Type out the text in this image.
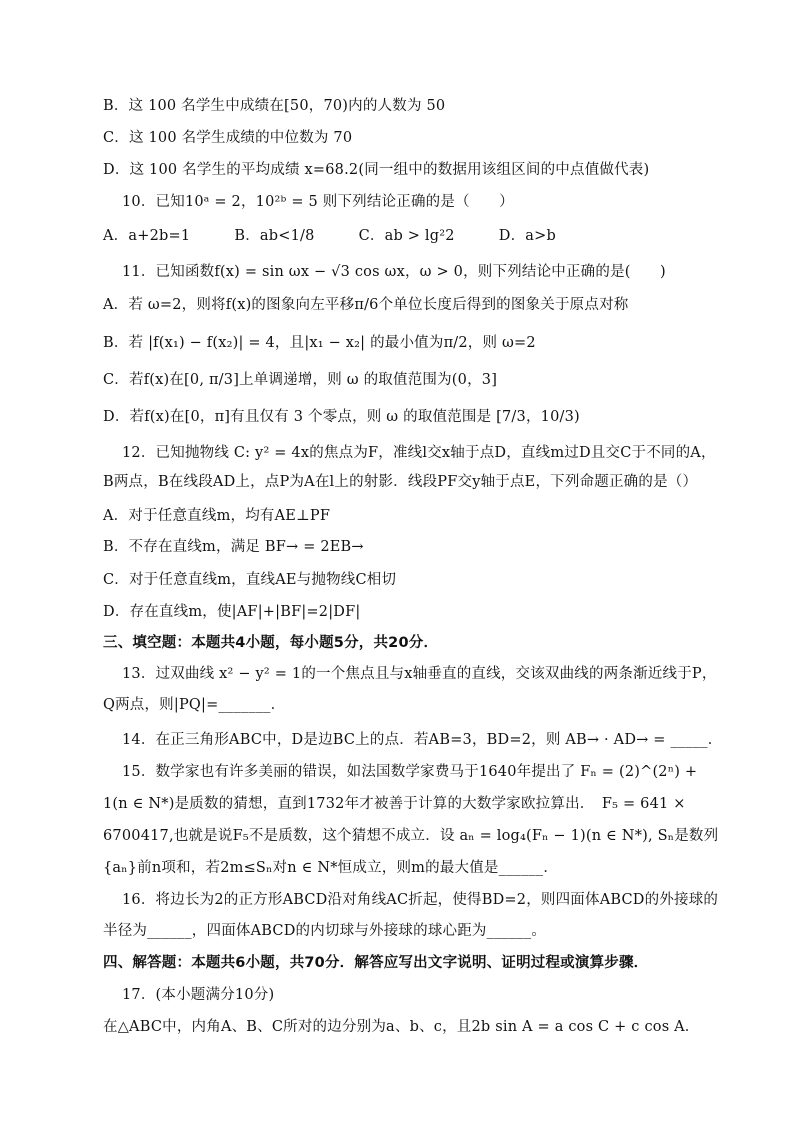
B．这 100 名学生中成绩在[50，70)内的人数为 50
C．这 100 名学生成绩的中位数为 70
D．这 100 名学生的平均成绩 x=68.2(同一组中的数据用该组区间的中点值做代表)
10．已知10ᵃ = 2，10²ᵇ = 5 则下列结论正确的是（　　）
A．a+2b=1　　　B．ab<1/8　　　C．ab > lg²2　　　D．a>b
11．已知函数f(x) = sin ωx − √3 cos ωx，ω > 0，则下列结论中正确的是(　　)
A．若 ω=2，则将f(x)的图象向左平移π/6个单位长度后得到的图象关于原点对称
B．若 |f(x₁) − f(x₂)| = 4，且|x₁ − x₂| 的最小值为π/2，则 ω=2
C．若f(x)在[0, π/3]上单调递增，则 ω 的取值范围为(0，3]
D．若f(x)在[0，π]有且仅有 3 个零点，则 ω 的取值范围是 [7/3，10/3)
12．已知抛物线 C: y² = 4x的焦点为F，准线l交x轴于点D，直线m过D且交C于不同的A，
B两点，B在线段AD上，点P为A在l上的射影．线段PF交y轴于点E，下列命题正确的是（）
A．对于任意直线m，均有AE⊥PF
B．不存在直线m，满足 BF→ = 2EB→
C．对于任意直线m，直线AE与抛物线C相切
D．存在直线m，使|AF|+|BF|=2|DF|
三、填空题：本题共4小题，每小题5分，共20分．
13．过双曲线 x² − y² = 1的一个焦点且与x轴垂直的直线，交该双曲线的两条渐近线于P，
Q两点，则|PQ|=_______．
14．在正三角形ABC中，D是边BC上的点．若AB=3，BD=2，则 AB→ · AD→ = _____．
15．数学家也有许多美丽的错误，如法国数学家费马于1640年提出了 Fₙ = (2)^(2ⁿ) +
1(n ∈ N*)是质数的猜想，直到1732年才被善于计算的大数学家欧拉算出．　F₅ = 641 ×
6700417,也就是说F₅不是质数，这个猜想不成立．设 aₙ = log₄(Fₙ − 1)(n ∈ N*), Sₙ是数列
{aₙ}前n项和，若2m≤Sₙ对n ∈ N*恒成立，则m的最大值是______．
16．将边长为2的正方形ABCD沿对角线AC折起，使得BD=2，则四面体ABCD的外接球的
半径为______，四面体ABCD的内切球与外接球的球心距为______。
四、解答题：本题共6小题，共70分．解答应写出文字说明、证明过程或演算步骤．
17．(本小题满分10分)
在△ABC中，内角A、B、C所对的边分别为a、b、c，且2b sin A = a cos C + c cos A．
